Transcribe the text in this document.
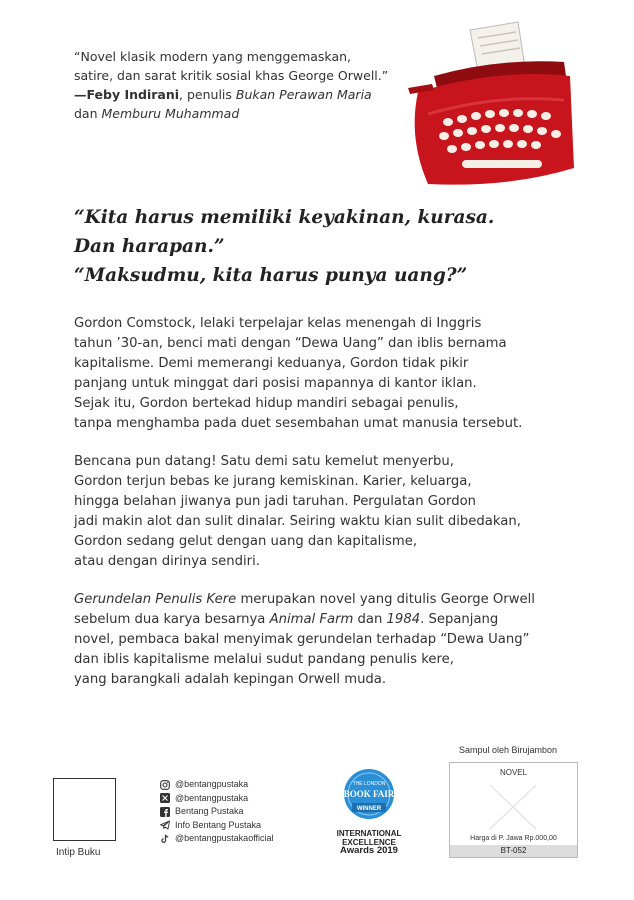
“Novel klasik modern yang menggemaskan,
satire, dan sarat kritik sosial khas George Orwell.”
—Feby Indirani, penulis Bukan Perawan Maria
dan Memburu Muhammad
“Kita harus memiliki keyakinan, kurasa.
Dan harapan.”
“Maksudmu, kita harus punya uang?”

Gordon Comstock, lelaki terpelajar kelas menengah di Inggris
tahun ’30-an, benci mati dengan “Dewa Uang” dan iblis bernama
kapitalisme. Demi memerangi keduanya, Gordon tidak pikir
panjang untuk minggat dari posisi mapannya di kantor iklan.
Sejak itu, Gordon bertekad hidup mandiri sebagai penulis,
tanpa menghamba pada duet sesembahan umat manusia tersebut.

Bencana pun datang! Satu demi satu kemelut menyerbu,
Gordon terjun bebas ke jurang kemiskinan. Karier, keluarga,
hingga belahan jiwanya pun jadi taruhan. Pergulatan Gordon
jadi makin alot dan sulit dinalar. Seiring waktu kian sulit dibedakan,
Gordon sedang gelut dengan uang dan kapitalisme,
atau dengan dirinya sendiri.

Gerundelan Penulis Kere merupakan novel yang ditulis George Orwell
sebelum dua karya besarnya Animal Farm dan 1984. Sepanjang
novel, pembaca bakal menyimak gerundelan terhadap “Dewa Uang”
dan iblis kapitalisme melalui sudut pandang penulis kere,
yang barangkali adalah kepingan Orwell muda.

Intip Buku
@bentangpustaka
@bentangpustaka
Bentang Pustaka
Info Bentang Pustaka
@bentangpustakaofficial
THE LONDON
BOOK FAIR
WINNER
INTERNATIONAL
EXCELLENCE
Awards 2019
Sampul oleh Birujambon
NOVEL
Harga di P. Jawa Rp.000,00
BT-052
